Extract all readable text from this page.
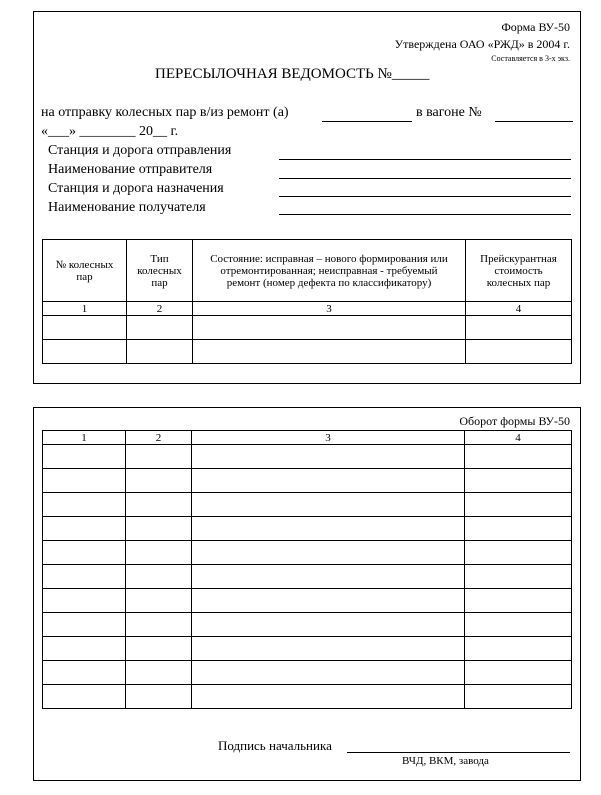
Форма ВУ-50
Утверждена ОАО «РЖД» в 2004 г.
Составляется в 3-х экз.
ПЕРЕСЫЛОЧНАЯ ВЕДОМОСТЬ №_____
на отправку колесных пар в/из ремонт (а)	в вагоне №
«___» ________ 20__ г.
Станция и дорога отправления
Наименование отправителя
Станция и дорога назначения
Наименование получателя
№ колесных пар	Тип колесных пар	Состояние: исправная – нового формирования или отремонтированная; неисправная - требуемый ремонт (номер дефекта по классификатору)	Прейскурантная стоимость колесных пар
1	2	3	4

Оборот формы ВУ-50
1	2	3	4

Подпись начальника
ВЧД, ВКМ, завода
